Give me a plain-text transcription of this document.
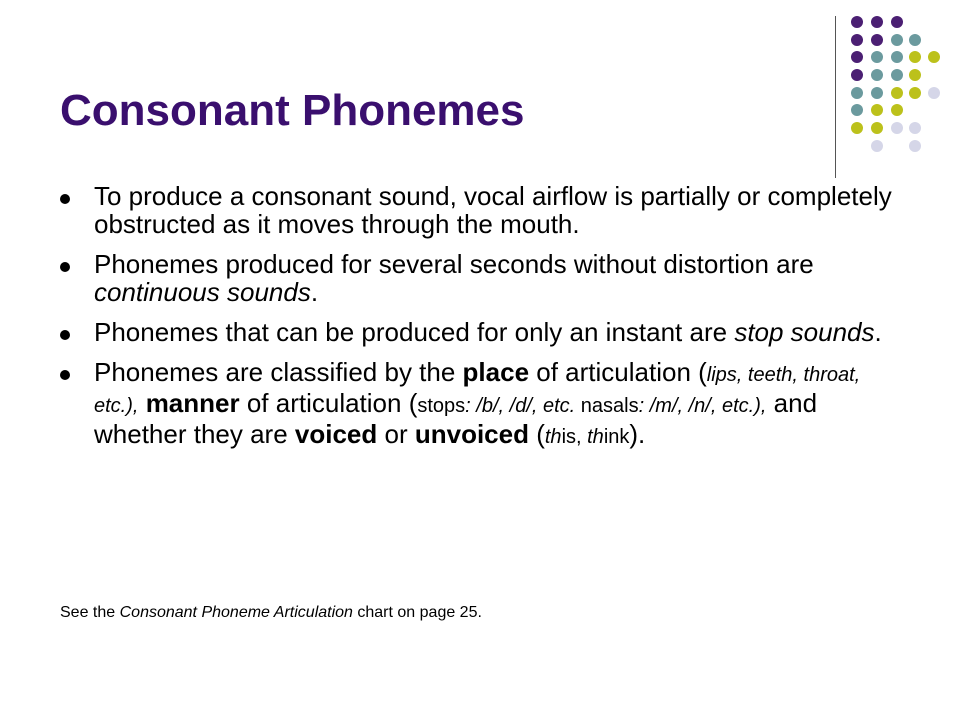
Consonant Phonemes
To produce a consonant sound, vocal airflow is partially or completely obstructed as it moves through the mouth.
Phonemes produced for several seconds without distortion are continuous sounds.
Phonemes that can be produced for only an instant are stop sounds.
Phonemes are classified by the place of articulation (lips, teeth, throat, etc.), manner of articulation (stops: /b/, /d/, etc. nasals: /m/, /n/, etc.), and whether they are voiced or unvoiced (this, think).

See the Consonant Phoneme Articulation chart on page 25.
